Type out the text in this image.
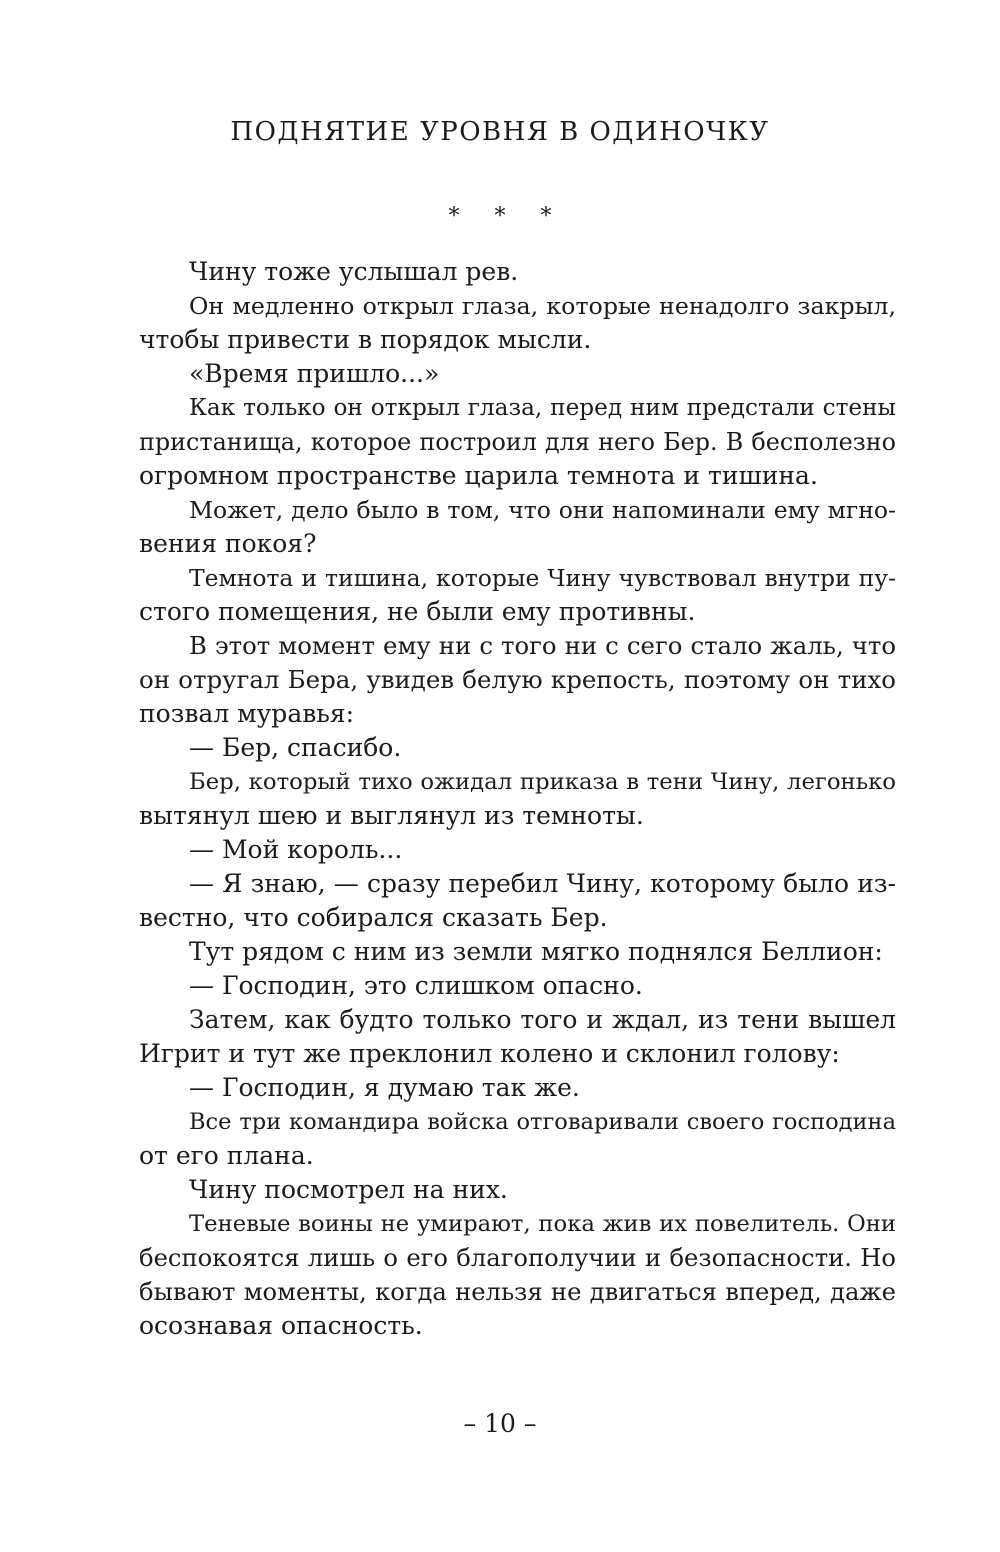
ПОДНЯТИЕ УРОВНЯ В ОДИНОЧКУ
* * *
Чину тоже услышал рев.
Он медленно открыл глаза, которые ненадолго закрыл,
чтобы привести в порядок мысли.
«Время пришло...»
Как только он открыл глаза, перед ним предстали стены
пристанища, которое построил для него Бер. В бесполезно
огромном пространстве царила темнота и тишина.
Может, дело было в том, что они напоминали ему мгно-
вения покоя?
Темнота и тишина, которые Чину чувствовал внутри пу-
стого помещения, не были ему противны.
В этот момент ему ни с того ни с сего стало жаль, что
он отругал Бера, увидев белую крепость, поэтому он тихо
позвал муравья:
— Бер, спасибо.
Бер, который тихо ожидал приказа в тени Чину, легонько
вытянул шею и выглянул из темноты.
— Мой король...
— Я знаю, — сразу перебил Чину, которому было из-
вестно, что собирался сказать Бер.
Тут рядом с ним из земли мягко поднялся Беллион:
— Господин, это слишком опасно.
Затем, как будто только того и ждал, из тени вышел
Игрит и тут же преклонил колено и склонил голову:
— Господин, я думаю так же.
Все три командира войска отговаривали своего господина
от его плана.
Чину посмотрел на них.
Теневые воины не умирают, пока жив их повелитель. Они
беспокоятся лишь о его благополучии и безопасности. Но
бывают моменты, когда нельзя не двигаться вперед, даже
осознавая опасность.
– 10 –
